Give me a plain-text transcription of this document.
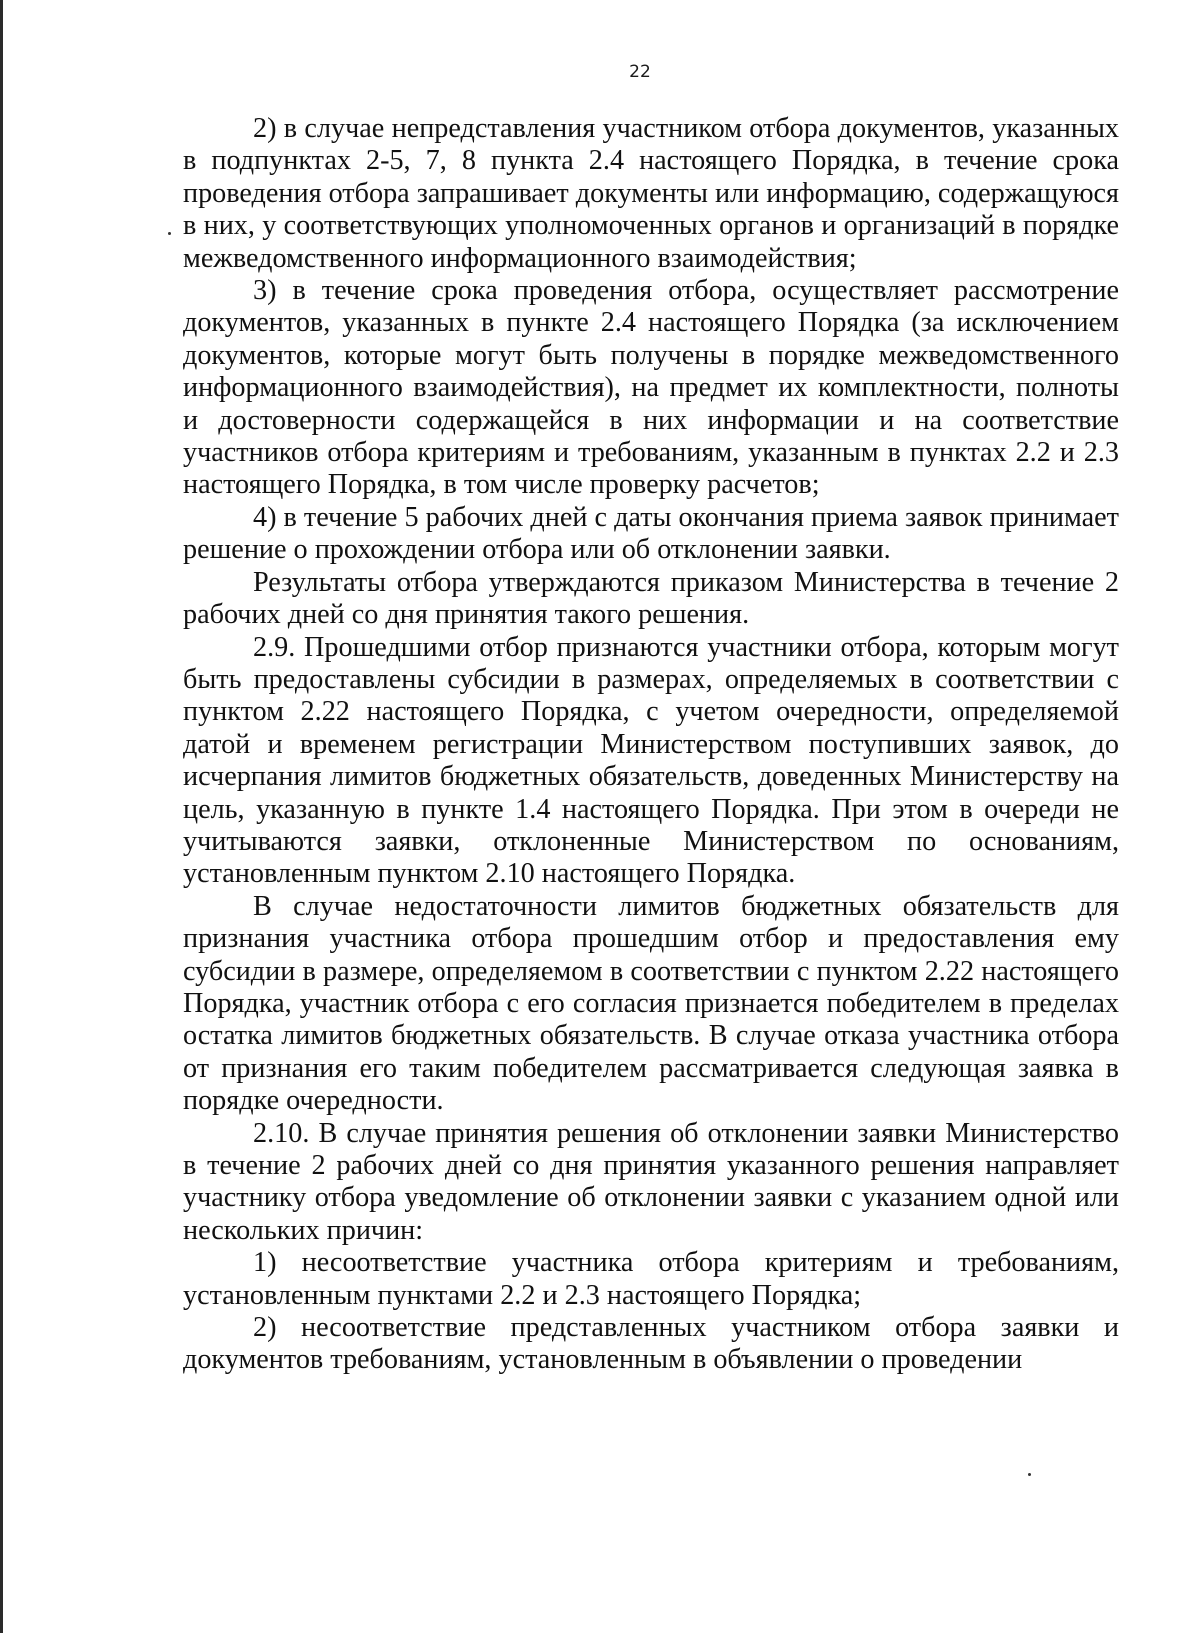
22

2) в случае непредставления участником отбора документов, указанных в подпунктах 2-5, 7, 8 пункта 2.4 настоящего Порядка, в течение срока проведения отбора запрашивает документы или информацию, содержащуюся в них, у соответствующих уполномоченных органов и организаций в порядке межведомственного информационного взаимодействия;

3) в течение срока проведения отбора, осуществляет рассмотрение документов, указанных в пункте 2.4 настоящего Порядка (за исключением документов, которые могут быть получены в порядке межведомственного информационного взаимодействия), на предмет их комплектности, полноты и достоверности содержащейся в них информации и на соответствие участников отбора критериям и требованиям, указанным в пунктах 2.2 и 2.3 настоящего Порядка, в том числе проверку расчетов;

4) в течение 5 рабочих дней с даты окончания приема заявок принимает решение о прохождении отбора или об отклонении заявки.

Результаты отбора утверждаются приказом Министерства в течение 2 рабочих дней со дня принятия такого решения.

2.9. Прошедшими отбор признаются участники отбора, которым могут быть предоставлены субсидии в размерах, определяемых в соответствии с пунктом 2.22 настоящего Порядка, с учетом очередности, определяемой датой и временем регистрации Министерством поступивших заявок, до исчерпания лимитов бюджетных обязательств, доведенных Министерству на цель, указанную в пункте 1.4 настоящего Порядка. При этом в очереди не учитываются заявки, отклоненные Министерством по основаниям, установленным пунктом 2.10 настоящего Порядка.

В случае недостаточности лимитов бюджетных обязательств для признания участника отбора прошедшим отбор и предоставления ему субсидии в размере, определяемом в соответствии с пунктом 2.22 настоящего Порядка, участник отбора с его согласия признается победителем в пределах остатка лимитов бюджетных обязательств. В случае отказа участника отбора от признания его таким победителем рассматривается следующая заявка в порядке очередности.

2.10. В случае принятия решения об отклонении заявки Министерство в течение 2 рабочих дней со дня принятия указанного решения направляет участнику отбора уведомление об отклонении заявки с указанием одной или нескольких причин:

1) несоответствие участника отбора критериям и требованиям, установленным пунктами 2.2 и 2.3 настоящего Порядка;

2) несоответствие представленных участником отбора заявки и документов требованиям, установленным в объявлении о проведении
